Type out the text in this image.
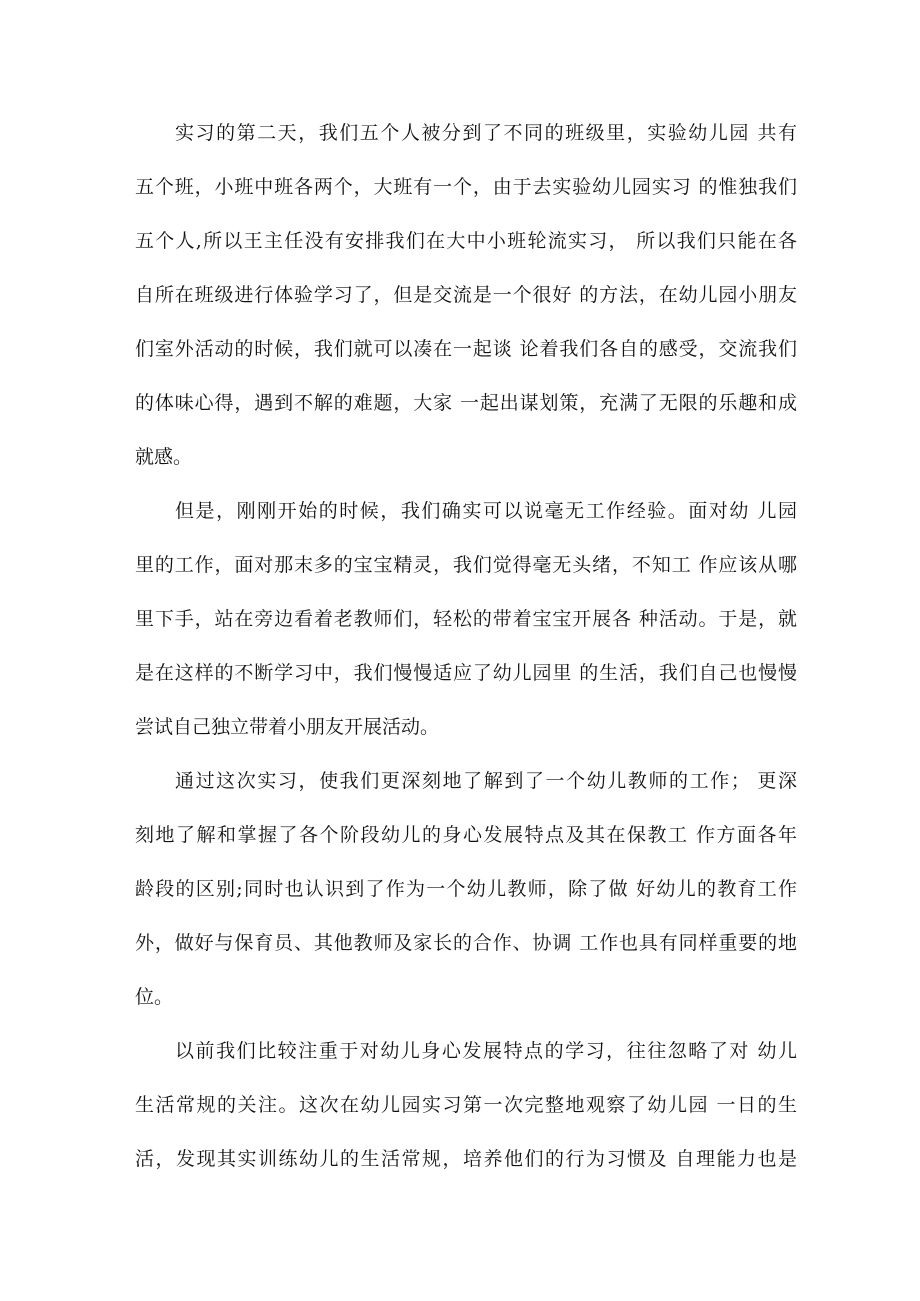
实习的第二天，我们五个人被分到了不同的班级里，实验幼儿园 共有
五个班，小班中班各两个，大班有一个，由于去实验幼儿园实习 的惟独我们
五个人,所以王主任没有安排我们在大中小班轮流实习， 所以我们只能在各
自所在班级进行体验学习了，但是交流是一个很好 的方法，在幼儿园小朋友
们室外活动的时候，我们就可以凑在一起谈 论着我们各自的感受，交流我们
的体味心得，遇到不解的难题，大家 一起出谋划策，充满了无限的乐趣和成
就感。
但是，刚刚开始的时候，我们确实可以说毫无工作经验。面对幼 儿园
里的工作，面对那末多的宝宝精灵，我们觉得毫无头绪，不知工 作应该从哪
里下手，站在旁边看着老教师们，轻松的带着宝宝开展各 种活动。于是，就
是在这样的不断学习中，我们慢慢适应了幼儿园里 的生活，我们自己也慢慢
尝试自己独立带着小朋友开展活动。
通过这次实习，使我们更深刻地了解到了一个幼儿教师的工作； 更深
刻地了解和掌握了各个阶段幼儿的身心发展特点及其在保教工 作方面各年
龄段的区别;同时也认识到了作为一个幼儿教师，除了做 好幼儿的教育工作
外，做好与保育员、其他教师及家长的合作、协调 工作也具有同样重要的地
位。
以前我们比较注重于对幼儿身心发展特点的学习，往往忽略了对 幼儿
生活常规的关注。这次在幼儿园实习第一次完整地观察了幼儿园 一日的生
活，发现其实训练幼儿的生活常规，培养他们的行为习惯及 自理能力也是
